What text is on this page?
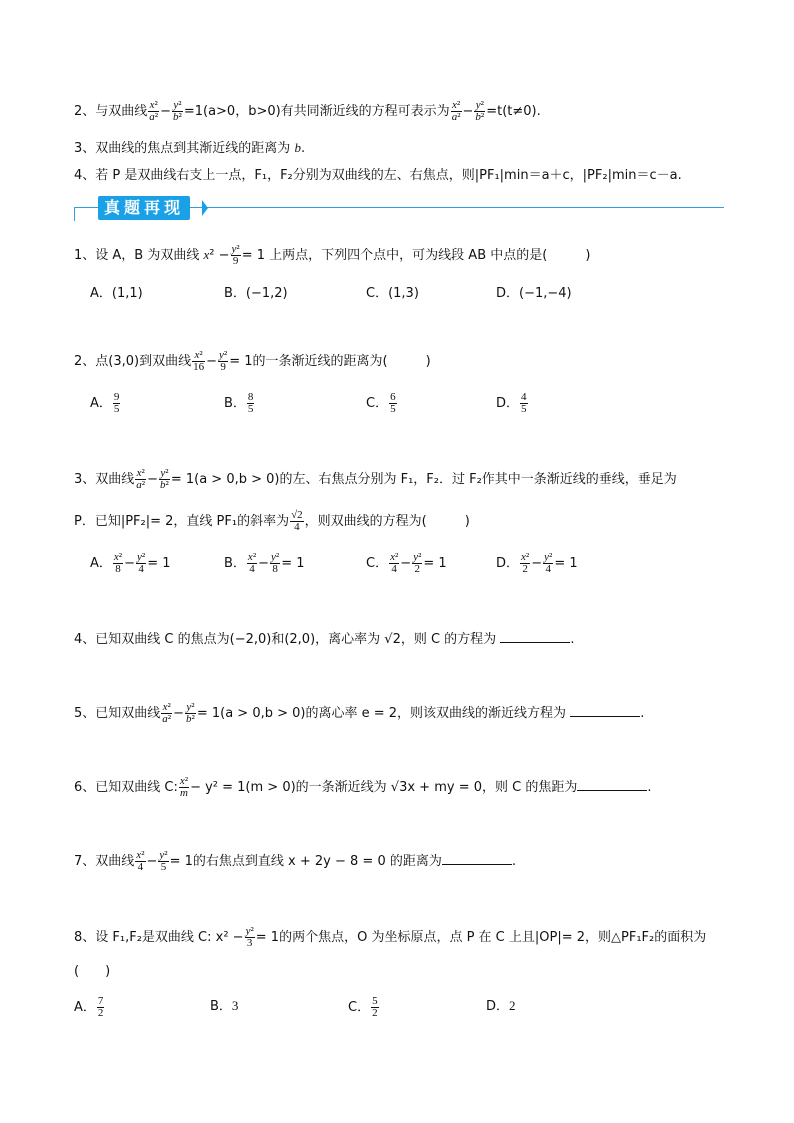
2、与双曲线 $\frac{\text{x²}}{\text{a²}} - \frac{\text{y²}}{\text{b²}} =1(a>0$，b>0)有共同渐近线的方程可表示为 $\frac{\text{x²}}{\text{a²}} - \frac{\text{y²}}{\text{b²}} =t(t\ne 0)$.
3、双曲线的焦点到其渐近线的距离为 b.
4、若 P 是双曲线右支上一点，F₁，F₂分别为双曲线的左、右焦点，则|PF₁|min＝a＋c，|PF₂|min＝c－a.
真题再现
1、设 A，B 为双曲线 $x^2 - \frac{\text{y²}}{9} = 1$ 上两点，下列四个点中，可为线段 AB 中点的是(	)
A．(1,1)	B．(−1,2)	C．(1,3)	D．(−1,−4)
2、点(3,0)到双曲线 $\frac{\text{x²}}{16} - \frac{\text{y²}}{9} = 1$的一条渐近线的距离为(	)
A． $\frac{9}{5}$	B． $\frac{8}{5}$	C． $\frac{6}{5}$	D． $\frac{4}{5}$
3、双曲线 $\frac{\text{x²}}{\text{a²}} - \frac{\text{y²}}{\text{b²}} = 1(a > 0,b > 0)$的左、右焦点分别为 F₁，F₂．过 F₂作其中一条渐近线的垂线，垂足为
P．已知|PF₂|= 2，直线 PF₁的斜率为 $\frac{√2}{4}$ ，则双曲线的方程为(	)
A． $\frac{\text{x²}}{8} - \frac{\text{y²}}{4} = 1$	B． $\frac{\text{x²}}{4} - \frac{\text{y²}}{8} = 1$	C． $\frac{\text{x²}}{4} - \frac{\text{y²}}{2} = 1$	D． $\frac{\text{x²}}{2} - \frac{\text{y²}}{4} = 1$
4、已知双曲线 C 的焦点为(−2,0)和(2,0)，离心率为 √2，则 C 的方程为	.
5、已知双曲线 $\frac{\text{x²}}{\text{a²}} - \frac{\text{y²}}{\text{b²}} = 1(a > 0,b > 0)$的离心率 e = 2，则该双曲线的渐近线方程为	.
6、已知双曲线 C: $\frac{\text{x²}}{m} - y^2 = 1(m > 0)$的一条渐近线为 √3x + my = 0，则 C 的焦距为	.
7、双曲线 $\frac{\text{x²}}{4} - \frac{\text{y²}}{5} = 1$的右焦点到直线 x + 2y − 8 = 0 的距离为	.
8、设 F₁,F₂是双曲线 C: $x^2 - \frac{\text{y²}}{3} = 1$的两个焦点，O 为坐标原点，点 P 在 C 上且|OP|= 2，则△PF₁F₂的面积为
(　　)
A． $\frac{7}{2}$	B．3	C． $\frac{5}{2}$	D．2
